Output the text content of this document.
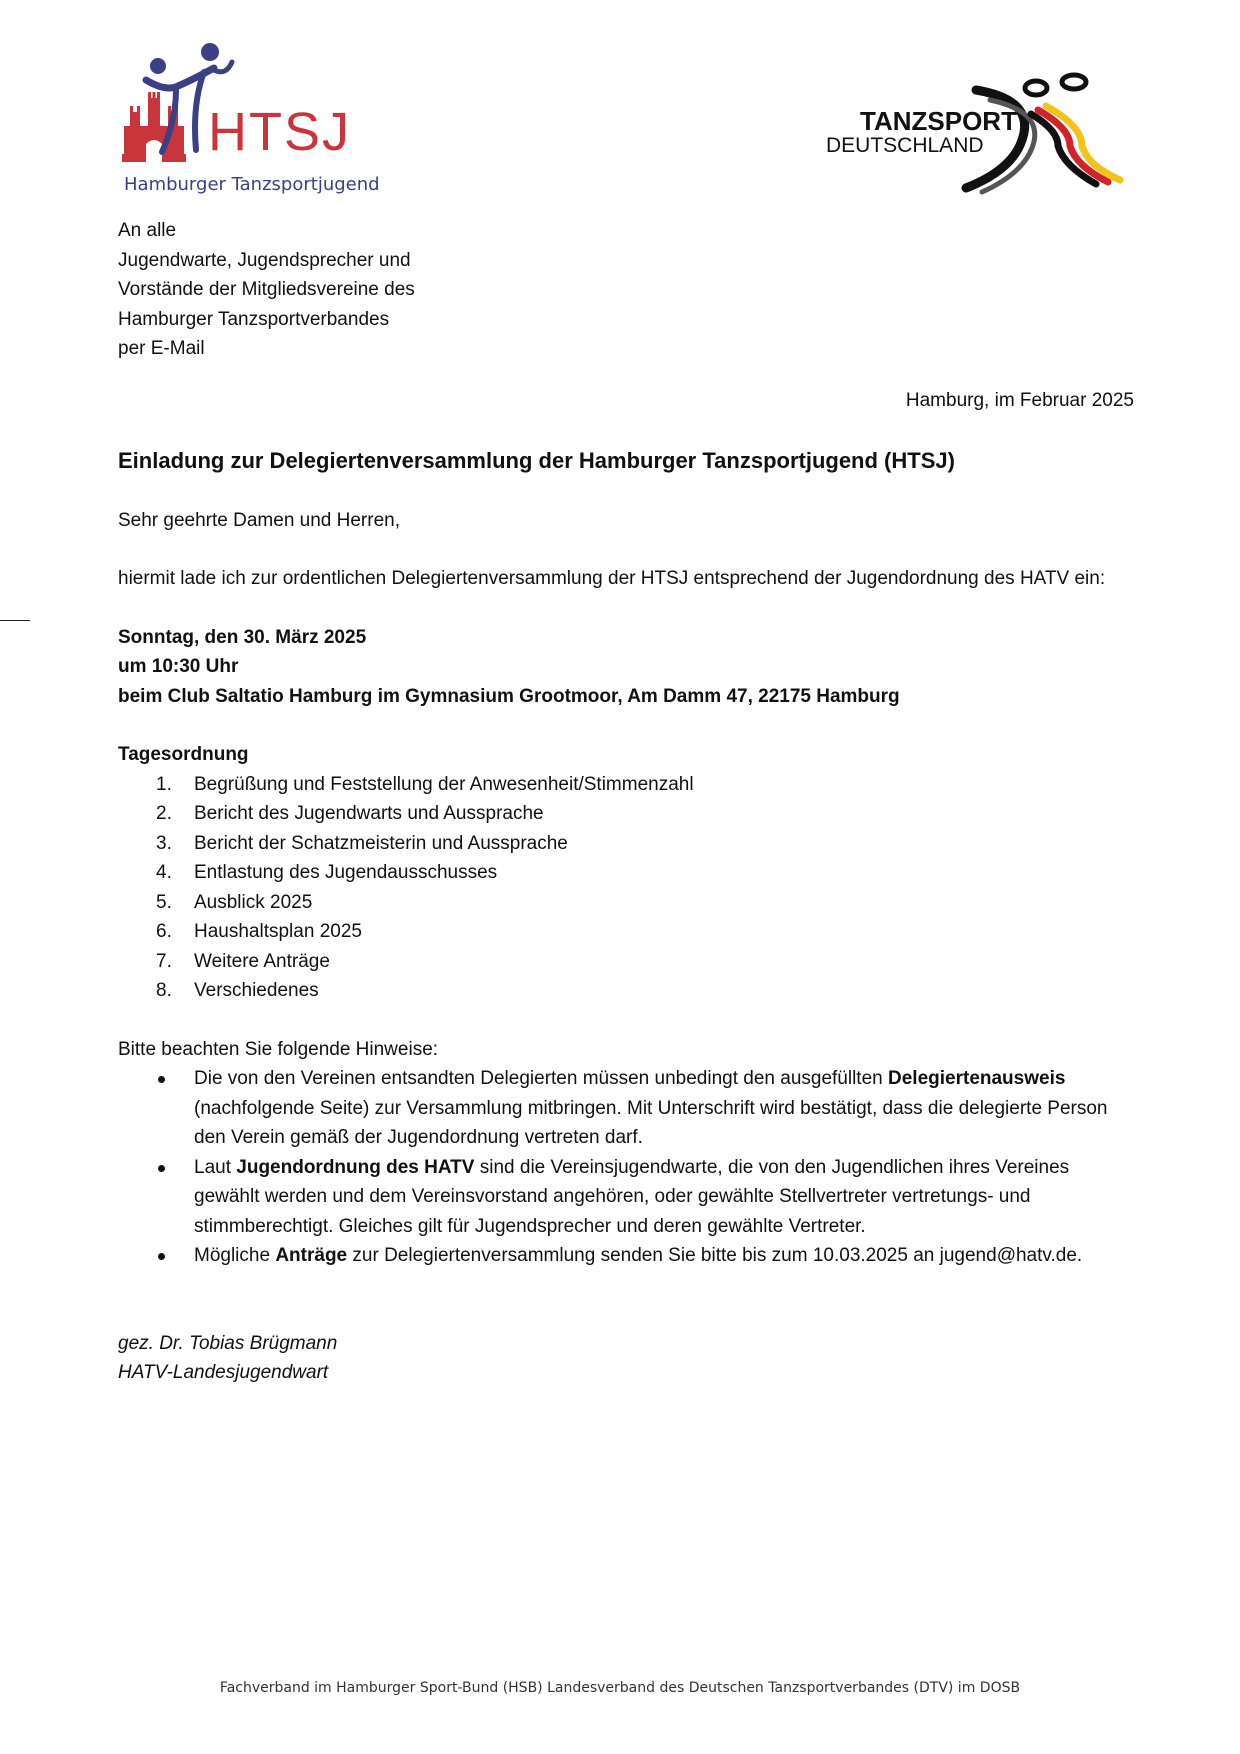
HTSJ
Hamburger Tanzsportjugend
TANZSPORT
DEUTSCHLAND
An alle
Jugendwarte, Jugendsprecher und
Vorstände der Mitgliedsvereine des
Hamburger Tanzsportverbandes
per E-Mail
Hamburg, im Februar 2025
Einladung zur Delegiertenversammlung der Hamburger Tanzsportjugend (HTSJ)
Sehr geehrte Damen und Herren,
hiermit lade ich zur ordentlichen Delegiertenversammlung der HTSJ entsprechend der Jugendordnung des HATV ein:
Sonntag, den 30. März 2025
um 10:30 Uhr
beim Club Saltatio Hamburg im Gymnasium Grootmoor, Am Damm 47, 22175 Hamburg
Tagesordnung
1. Begrüßung und Feststellung der Anwesenheit/Stimmenzahl
2. Bericht des Jugendwarts und Aussprache
3. Bericht der Schatzmeisterin und Aussprache
4. Entlastung des Jugendausschusses
5. Ausblick 2025
6. Haushaltsplan 2025
7. Weitere Anträge
8. Verschiedenes
Bitte beachten Sie folgende Hinweise:
Die von den Vereinen entsandten Delegierten müssen unbedingt den ausgefüllten Delegiertenausweis (nachfolgende Seite) zur Versammlung mitbringen. Mit Unterschrift wird bestätigt, dass die delegierte Person den Verein gemäß der Jugendordnung vertreten darf.
Laut Jugendordnung des HATV sind die Vereinsjugendwarte, die von den Jugendlichen ihres Vereines gewählt werden und dem Vereinsvorstand angehören, oder gewählte Stellvertreter vertretungs- und stimmberechtigt. Gleiches gilt für Jugendsprecher und deren gewählte Vertreter.
Mögliche Anträge zur Delegiertenversammlung senden Sie bitte bis zum 10.03.2025 an jugend@hatv.de.
gez. Dr. Tobias Brügmann
HATV-Landesjugendwart
Fachverband im Hamburger Sport-Bund (HSB) Landesverband des Deutschen Tanzsportverbandes (DTV) im DOSB
